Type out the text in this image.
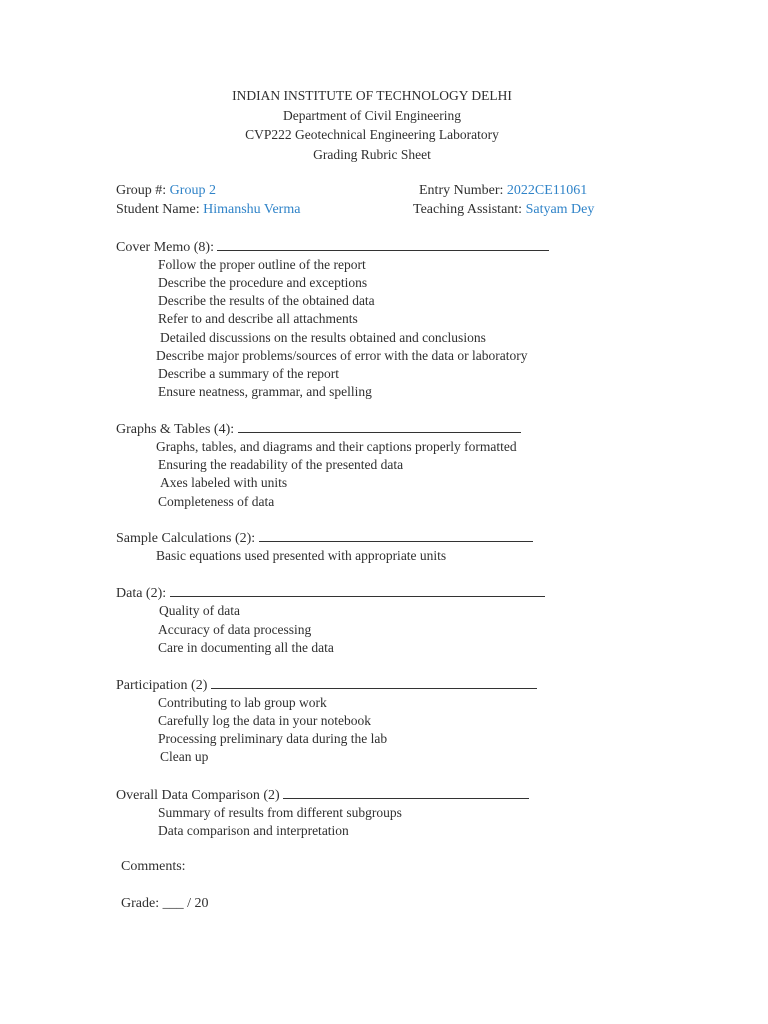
INDIAN INSTITUTE OF TECHNOLOGY DELHI
Department of Civil Engineering
CVP222 Geotechnical Engineering Laboratory
Grading Rubric Sheet
Group #: Group 2	Entry Number: 2022CE11061
Student Name: Himanshu Verma	Teaching Assistant: Satyam Dey
Cover Memo (8):
Follow the proper outline of the report
Describe the procedure and exceptions
Describe the results of the obtained data
Refer to and describe all attachments
Detailed discussions on the results obtained and conclusions
Describe major problems/sources of error with the data or laboratory
Describe a summary of the report
Ensure neatness, grammar, and spelling
Graphs & Tables (4):
Graphs, tables, and diagrams and their captions properly formatted
Ensuring the readability of the presented data
Axes labeled with units
Completeness of data
Sample Calculations (2):
Basic equations used presented with appropriate units
Data (2):
Quality of data
Accuracy of data processing
Care in documenting all the data
Participation (2)
Contributing to lab group work
Carefully log the data in your notebook
Processing preliminary data during the lab
Clean up
Overall Data Comparison (2)
Summary of results from different subgroups
Data comparison and interpretation
Comments:
Grade: ___ / 20
